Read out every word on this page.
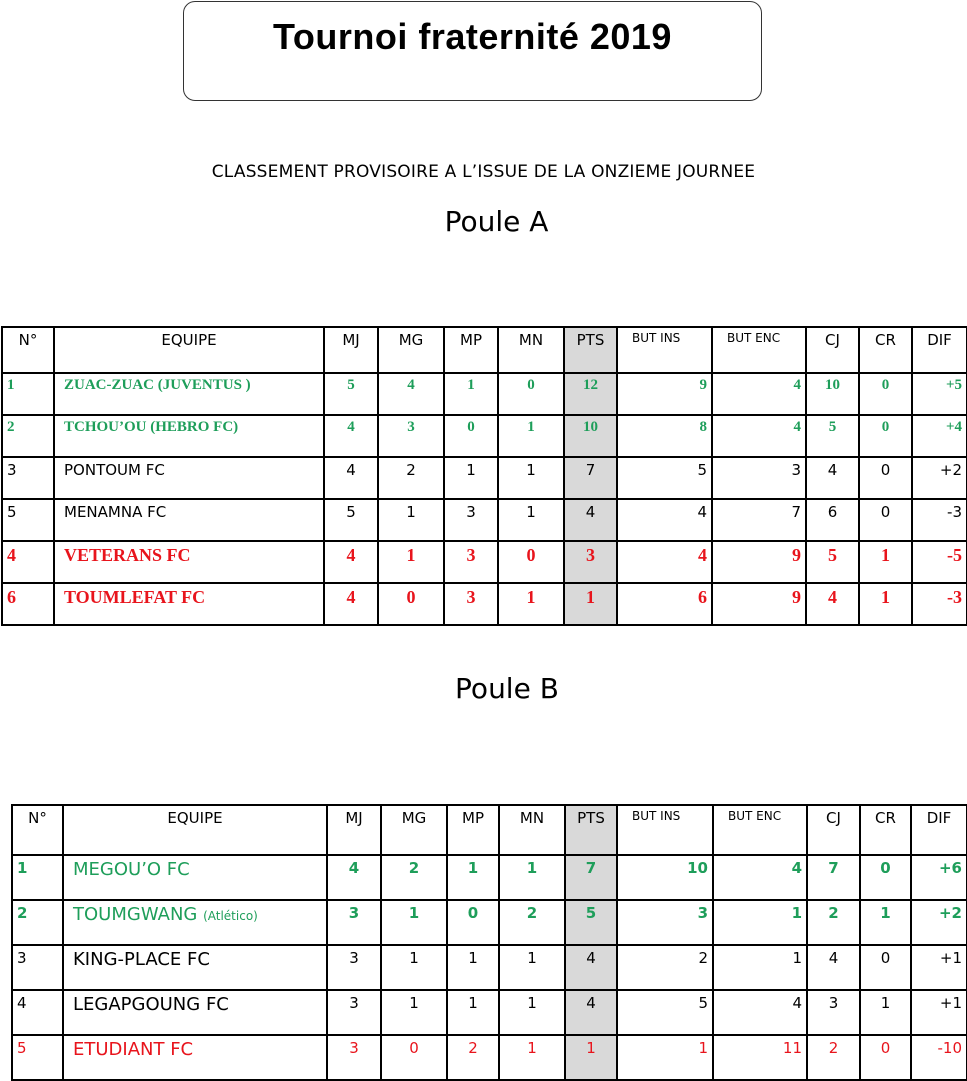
Tournoi fraternité 2019
CLASSEMENT PROVISOIRE A L’ISSUE DE LA ONZIEME JOURNEE
Poule A
N°	EQUIPE	MJ	MG	MP	MN	PTS	BUT INS	BUT ENC	CJ	CR	DIF
1	ZUAC-ZUAC (JUVENTUS )	5	4	1	0	12	9	4	10	0	+5
2	TCHOU’OU (HEBRO FC)	4	3	0	1	10	8	4	5	0	+4
3	PONTOUM FC	4	2	1	1	7	5	3	4	0	+2
5	MENAMNA FC	5	1	3	1	4	4	7	6	0	-3
4	VETERANS FC	4	1	3	0	3	4	9	5	1	-5
6	TOUMLEFAT FC	4	0	3	1	1	6	9	4	1	-3
Poule B
N°	EQUIPE	MJ	MG	MP	MN	PTS	BUT INS	BUT ENC	CJ	CR	DIF
1	MEGOU’O FC	4	2	1	1	7	10	4	7	0	+6
2	TOUMGWANG (Atlético)	3	1	0	2	5	3	1	2	1	+2
3	KING-PLACE FC	3	1	1	1	4	2	1	4	0	+1
4	LEGAPGOUNG FC	3	1	1	1	4	5	4	3	1	+1
5	ETUDIANT FC	3	0	2	1	1	1	11	2	0	-10
